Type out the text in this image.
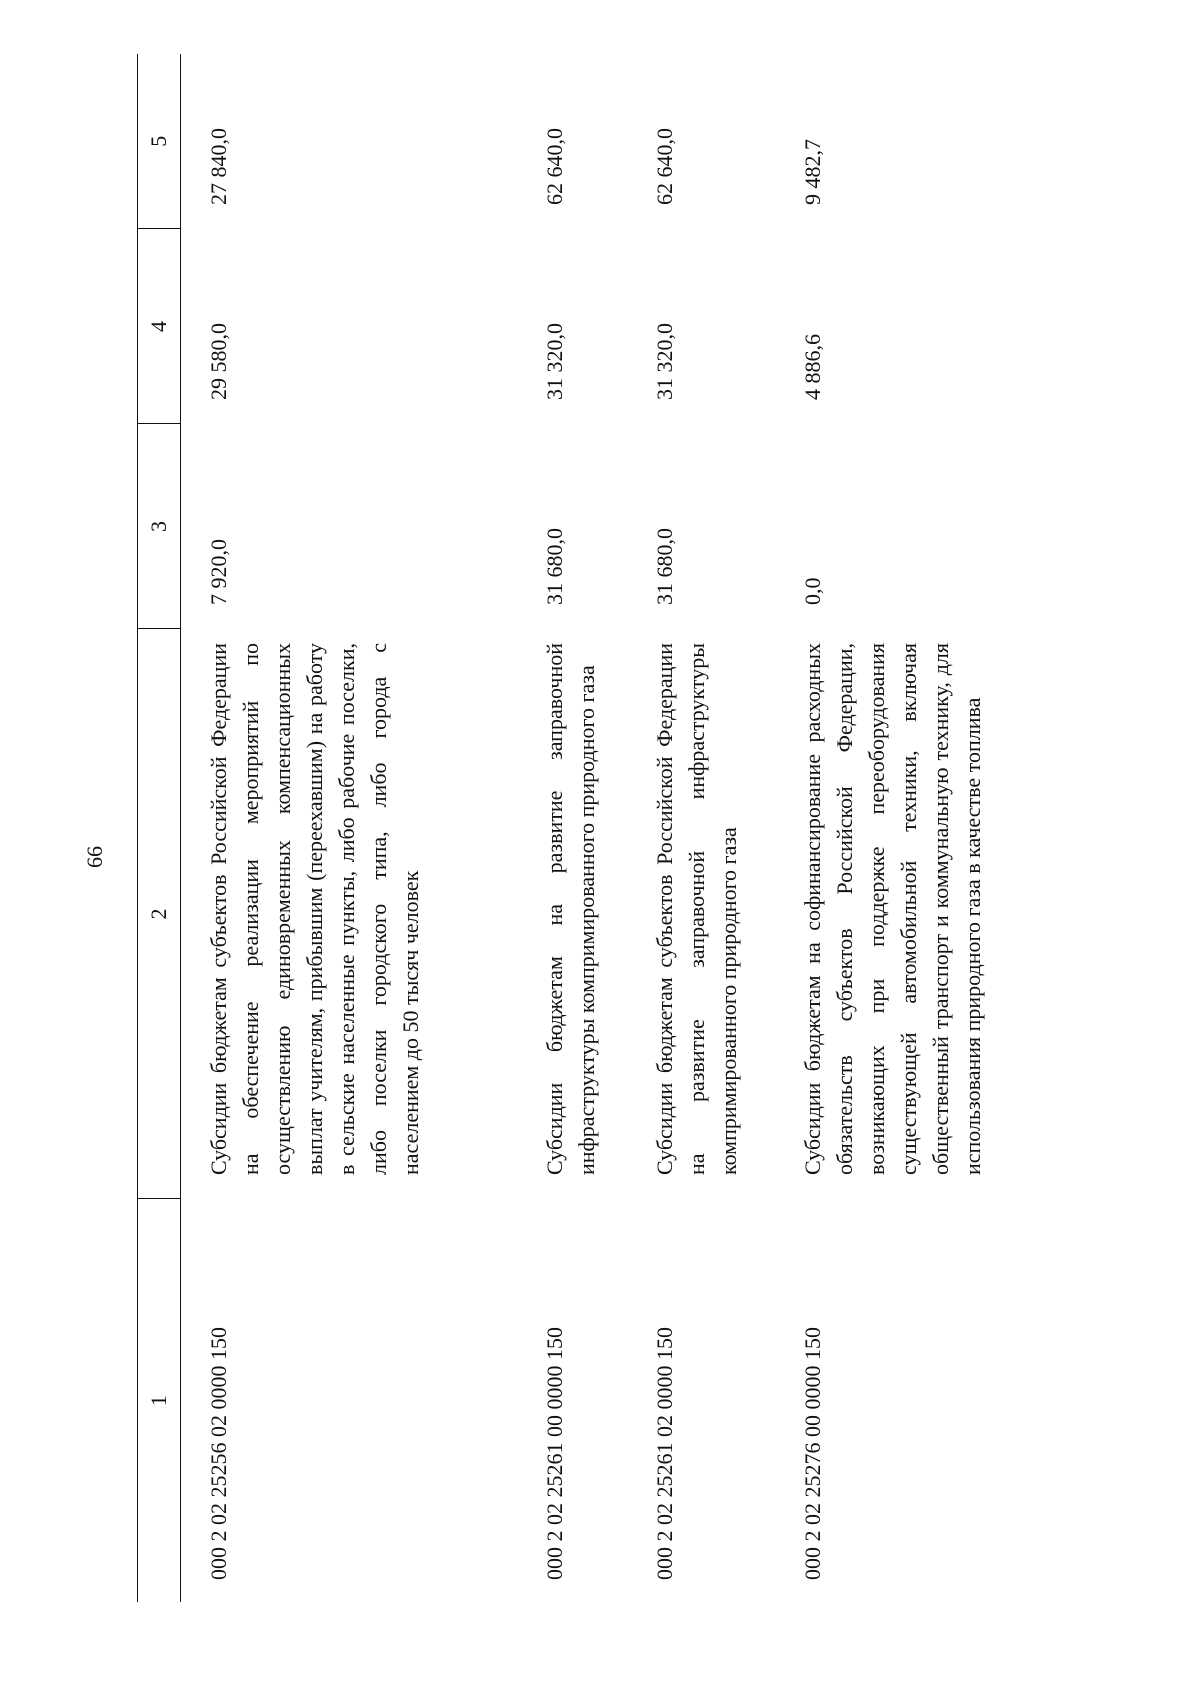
66
1	2	3	4	5
000 2 02 25256 02 0000 150	Субсидии бюджетам субъектов Российской Федерации на обеспечение реализации мероприятий по осуществлению единовременных компенсационных выплат учителям, прибывшим (переехавшим) на работу в сельские населенные пункты, либо рабочие поселки, либо поселки городского типа, либо города с населением до 50 тысяч человек	7 920,0	29 580,0	27 840,0
000 2 02 25261 00 0000 150	Субсидии бюджетам на развитие заправочной инфраструктуры компримированного природного газа	31 680,0	31 320,0	62 640,0
000 2 02 25261 02 0000 150	Субсидии бюджетам субъектов Российской Федерации на развитие заправочной инфраструктуры компримированного природного газа	31 680,0	31 320,0	62 640,0
000 2 02 25276 00 0000 150	Субсидии бюджетам на софинансирование расходных обязательств субъектов Российской Федерации, возникающих при поддержке переоборудования существующей автомобильной техники, включая общественный транспорт и коммунальную технику, для использования природного газа в качестве топлива	0,0	4 886,6	9 482,7
